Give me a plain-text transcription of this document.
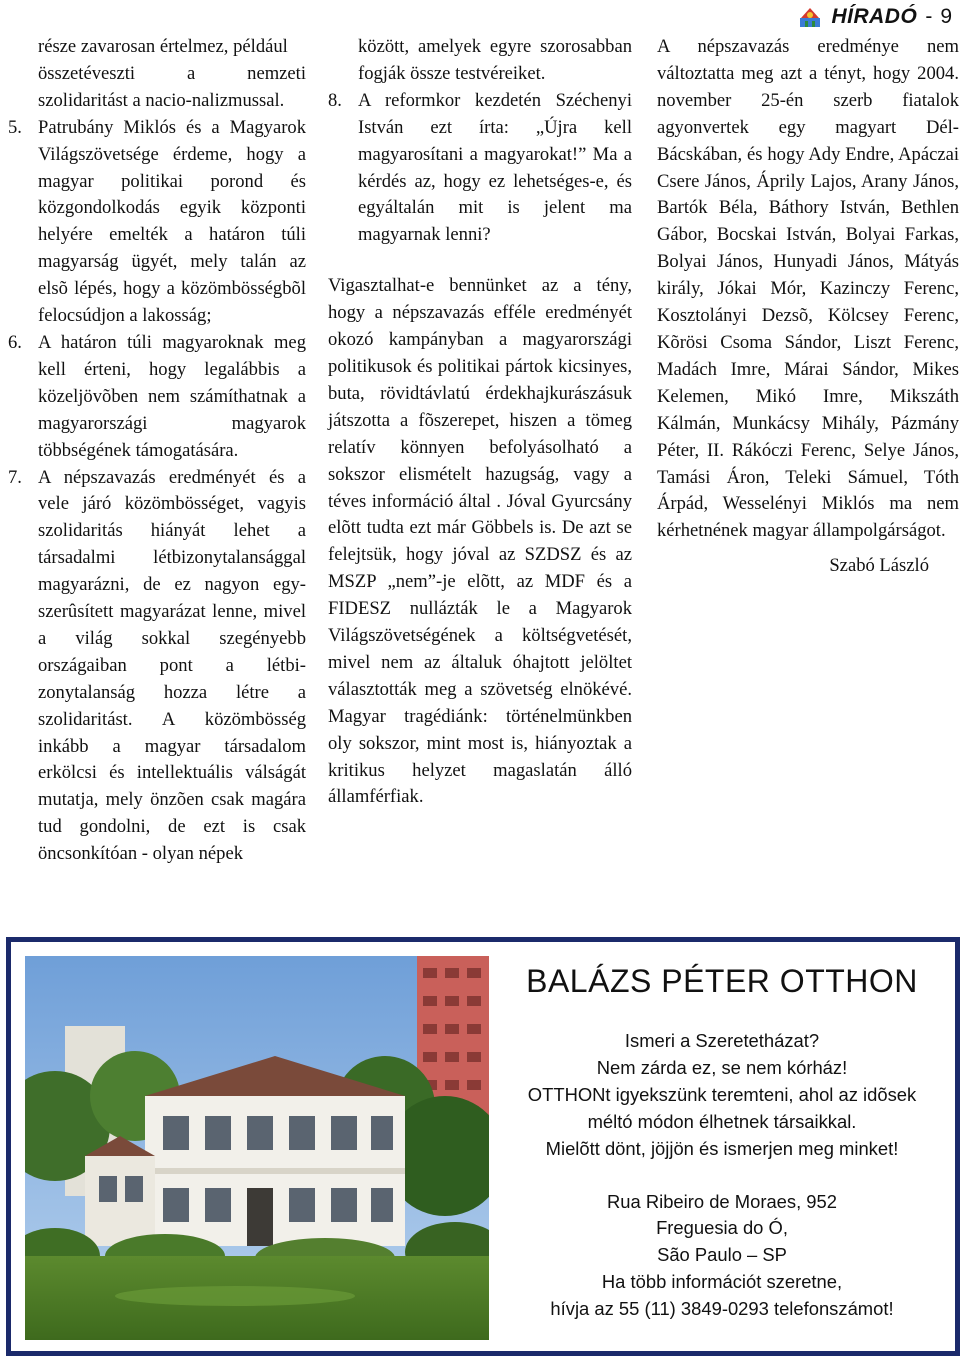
HÍRADÓ - 9
része zavarosan értelmez, például
összetéveszti a nemzeti
szolidaritást a nacio-nalizmussal.
5. Patrubány Miklós és a Magyarok Világszövetsége érdeme, hogy a magyar politikai porond és közgondolkodás egyik központi helyére emelték a határon túli magyarság ügyét, mely talán az elsõ lépés, hogy a közömbösségbõl felocsúdjon a lakosság;

6. A határon túli magyaroknak meg kell érteni, hogy legalábbis a közeljövõben nem számíthatnak a magyarországi magyarok többségének támogatására.

7. A népszavazás eredményét és a vele járó közömbösséget, vagyis szolidaritás hiányát lehet a társadalmi létbizonytalansággal magyarázni, de ez nagyon egy-szerûsített magyarázat lenne, mivel a világ sokkal szegényebb országaiban pont a létbi-zonytalanság hozza létre a szolidaritást. A közömbösség inkább a magyar társadalom erkölcsi és intellektuális válságát mutatja, mely önzõen csak magára tud gondolni, de ezt is csak öncsonkítóan - olyan népek

között, amelyek egyre szorosabban fogják össze testvéreiket.

8. A reformkor kezdetén Széchenyi István ezt írta: „Újra kell magyarosítani a magyarokat!” Ma a kérdés az, hogy ez lehetséges-e, és egyáltalán mit is jelent ma magyarnak lenni?

Vigasztalhat-e bennünket az a tény, hogy a népszavazás efféle eredményét okozó kampányban a magyarországi politikusok és politikai pártok kicsinyes, buta, rövidtávlatú érdekhajkurászásuk játszotta a fõszerepet, hiszen a tömeg relatív könnyen befolyásolható a sokszor elismételt hazugság, vagy a téves információ által . Jóval Gyurcsány elõtt tudta ezt már Göbbels is. De azt se felejtsük, hogy jóval az SZDSZ és az MSZP „nem”-je elõtt, az MDF és a FIDESZ nullázták le a Magyarok Világszövetségének a költségvetését, mivel nem az általuk óhajtott jelöltet választották meg a szövetség elnökévé. Magyar tragédiánk: történelmünkben oly sokszor, mint most is, hiányoztak a kritikus helyzet magaslatán álló államférfiak.

A népszavazás eredménye nem változtatta meg azt a tényt, hogy 2004. november 25-én szerb fiatalok agyonvertek egy magyart Dél-Bácskában, és hogy Ady Endre, Apáczai Csere János, Áprily Lajos, Arany János, Bartók Béla, Báthory István, Bethlen Gábor, Bocskai István, Bolyai Farkas, Bolyai János, Hunyadi János, Mátyás király, Jókai Mór, Kazinczy Ferenc, Kosztolányi Dezsõ, Kölcsey Ferenc, Kõrösi Csoma Sándor, Liszt Ferenc, Madách Imre, Márai Sándor, Mikes Kelemen, Mikó Imre, Mikszáth Kálmán, Munkácsy Mihály, Pázmány Péter, II. Rákóczi Ferenc, Selye János, Tamási Áron, Teleki Sámuel, Tóth Árpád, Wesselényi Miklós ma nem kérhetnének magyar állampolgárságot.

Szabó László
BALÁZS PÉTER OTTHON
Ismeri a Szeretetházat?
Nem zárda ez, se nem kórház!
OTTHONt igyekszünk teremteni, ahol az idõsek
méltó módon élhetnek társaikkal.
Mielõtt dönt, jöjjön és ismerjen meg minket!
Rua Ribeiro de Moraes, 952
Freguesia do Ó,
São Paulo – SP
Ha több információt szeretne,
hívja az 55 (11) 3849-0293 telefonszámot!
